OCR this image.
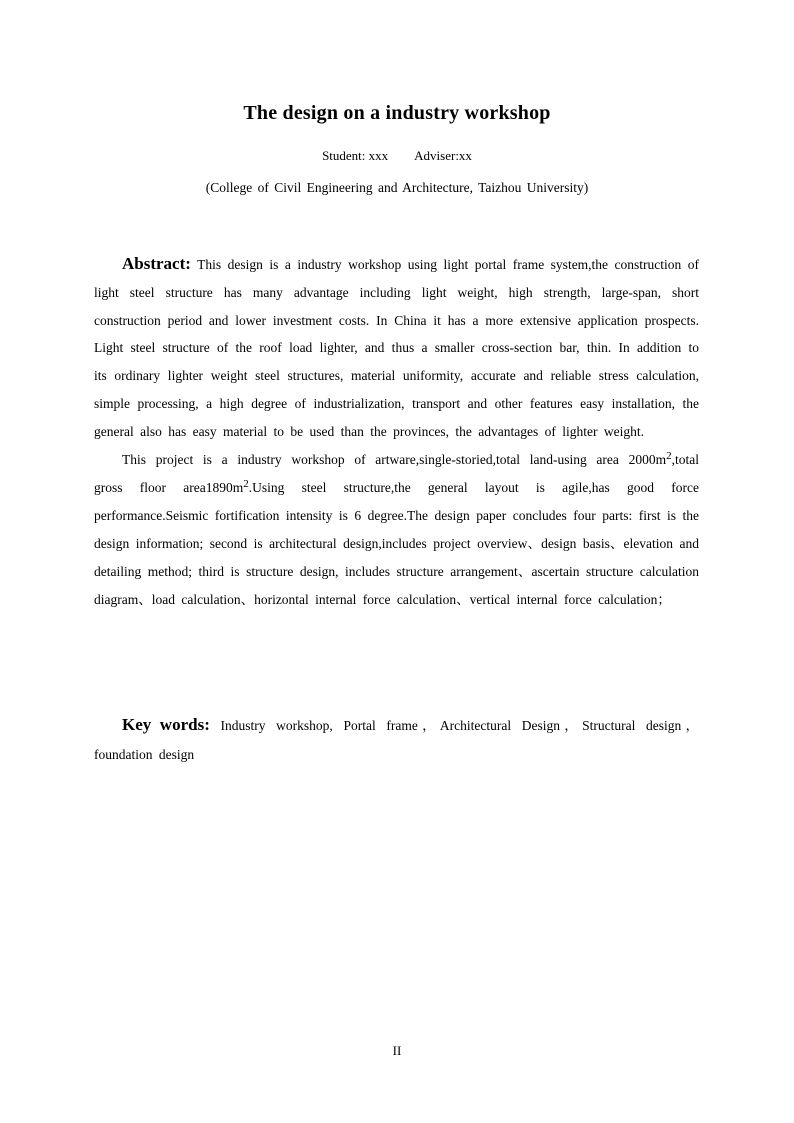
The design on a industry workshop
Student: xxx Adviser:xx
(College of Civil Engineering and Architecture, Taizhou University)

Abstract: This design is a industry workshop using light portal frame system,the construction of light steel structure has many advantage including light weight, high strength, large-span, short construction period and lower investment costs. In China it has a more extensive application prospects. Light steel structure of the roof load lighter, and thus a smaller cross-section bar, thin. In addition to its ordinary lighter weight steel structures, material uniformity, accurate and reliable stress calculation, simple processing, a high degree of industrialization, transport and other features easy installation, the general also has easy material to be used than the provinces, the advantages of lighter weight.

This project is a industry workshop of artware,single-storied,total land-using area $2000m^2,total$ gross floor $area1890m^2.Using$ steel structure,the general layout is agile,has good force performance.Seismic fortification intensity is 6 degree.The design paper concludes four parts: first is the design information; second is architectural design,includes project overview、design basis、elevation and detailing method; third is structure design, includes structure arrangement、ascertain structure calculation diagram、load calculation、horizontal internal force calculation、vertical internal force calculation；

Key words: Industry workshop, Portal frame，Architectural Design，Structural design，foundation design

II
